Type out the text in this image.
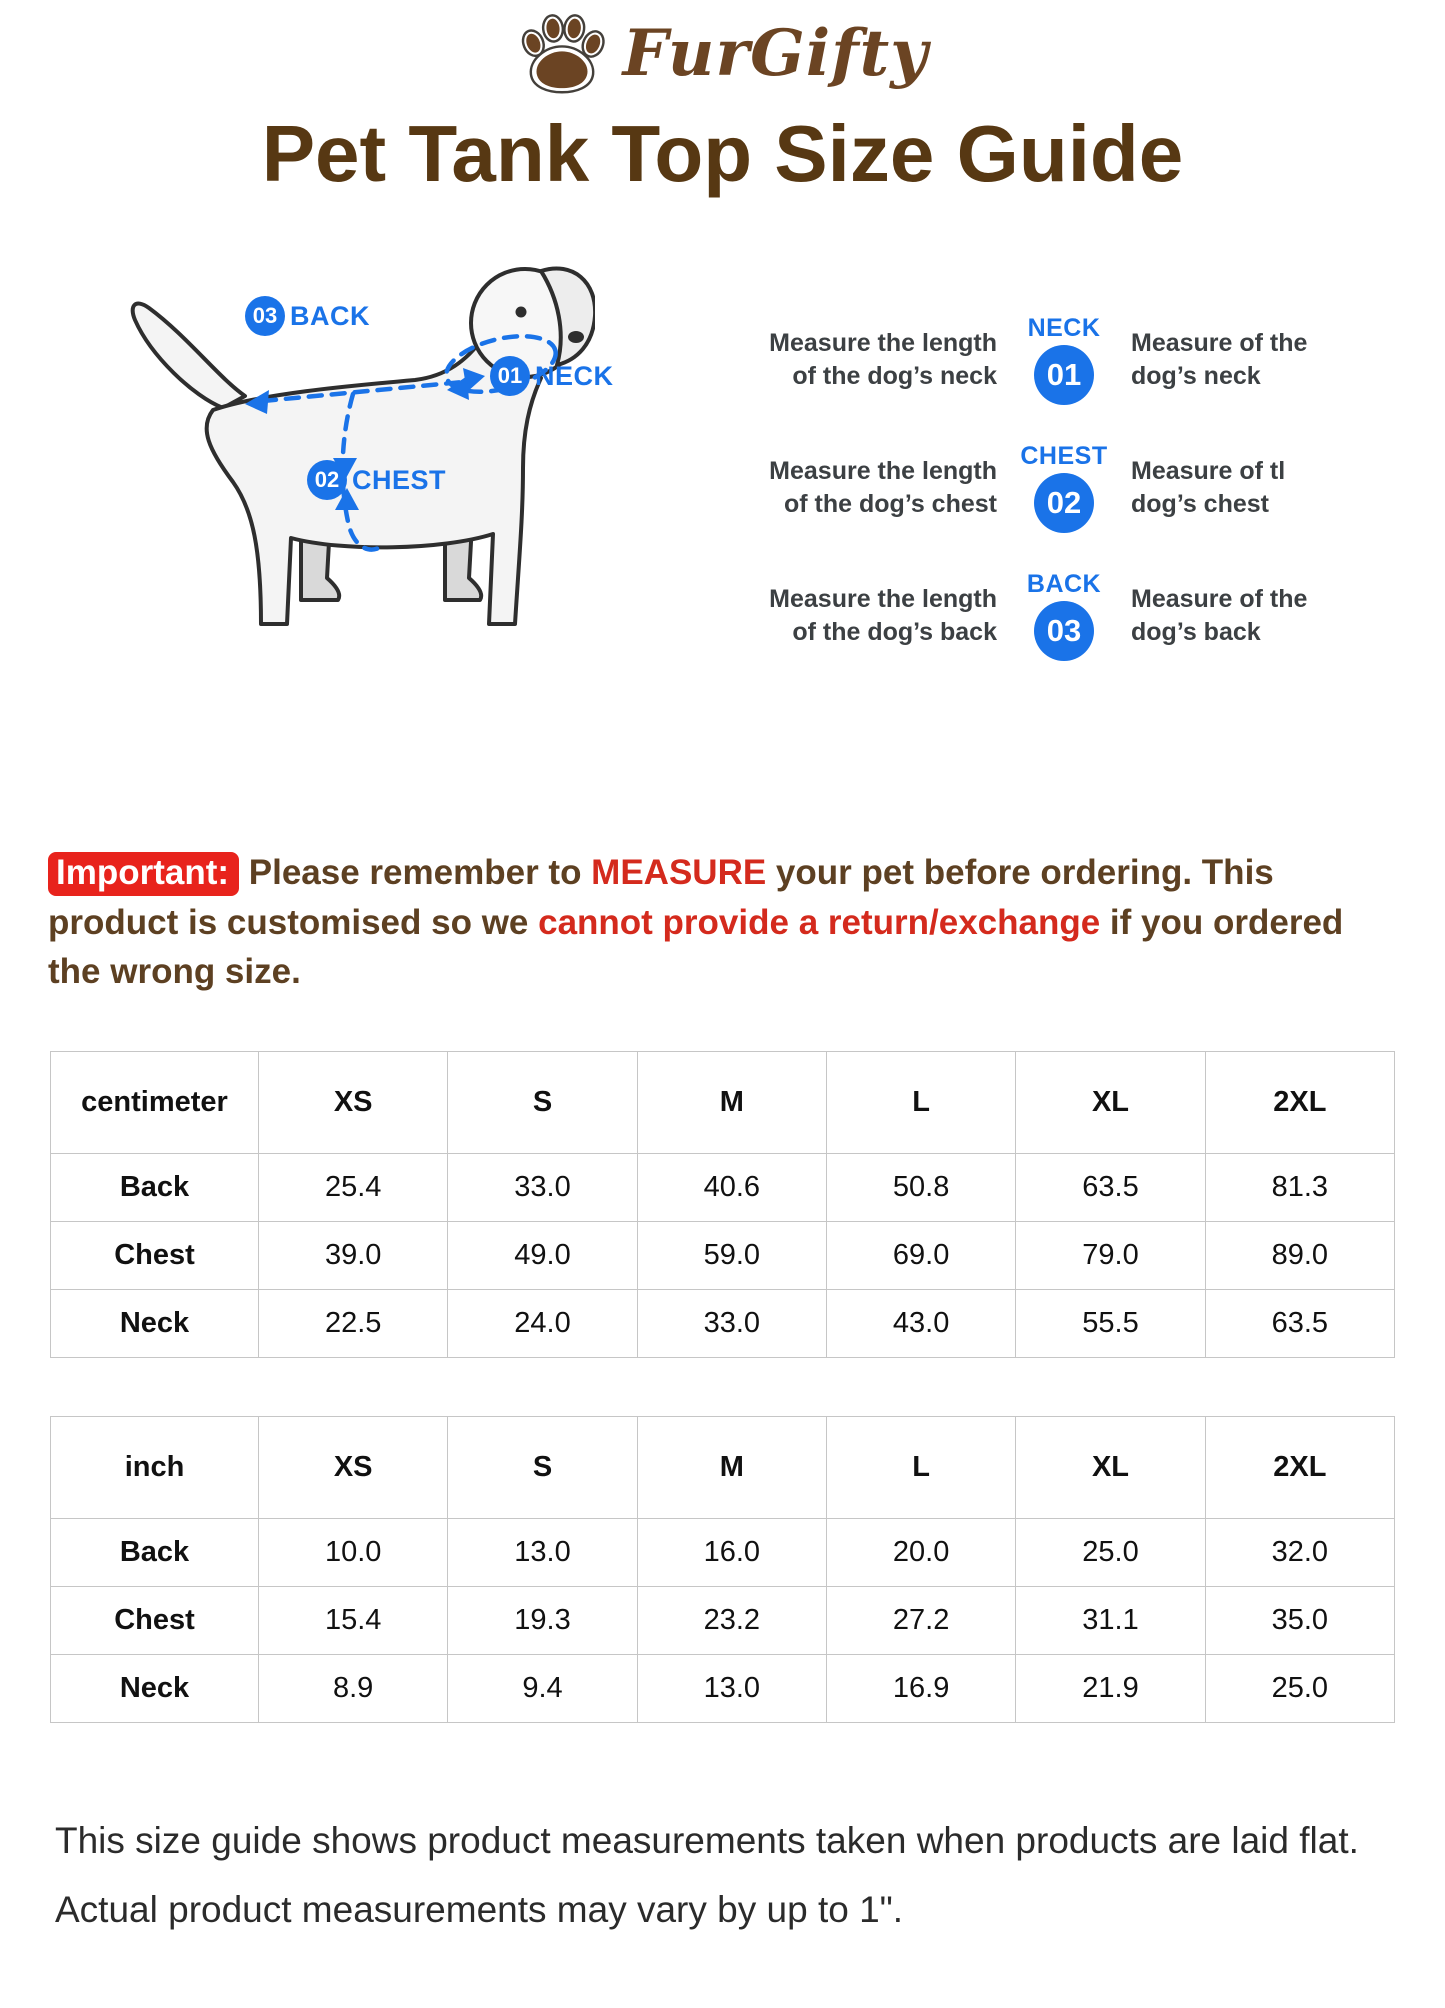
FurGifty
Pet Tank Top Size Guide
03 BACK
01 NECK
02 CHEST
Measure the length
of the dog’s neck
NECK
01
Measure of the
dog’s neck
Measure the length
of the dog’s chest
CHEST
02
Measure of tl
dog’s chest
Measure the length
of the dog’s back
BACK
03
Measure of the
dog’s back

Important: Please remember to MEASURE your pet before ordering. This product is customised so we cannot provide a return/exchange if you ordered the wrong size.

centimeter	XS	S	M	L	XL	2XL
Back	25.4	33.0	40.6	50.8	63.5	81.3
Chest	39.0	49.0	59.0	69.0	79.0	89.0
Neck	22.5	24.0	33.0	43.0	55.5	63.5
inch	XS	S	M	L	XL	2XL
Back	10.0	13.0	16.0	20.0	25.0	32.0
Chest	15.4	19.3	23.2	27.2	31.1	35.0
Neck	8.9	9.4	13.0	16.9	21.9	25.0

This size guide shows product measurements taken when products are laid flat. Actual product measurements may vary by up to 1".
